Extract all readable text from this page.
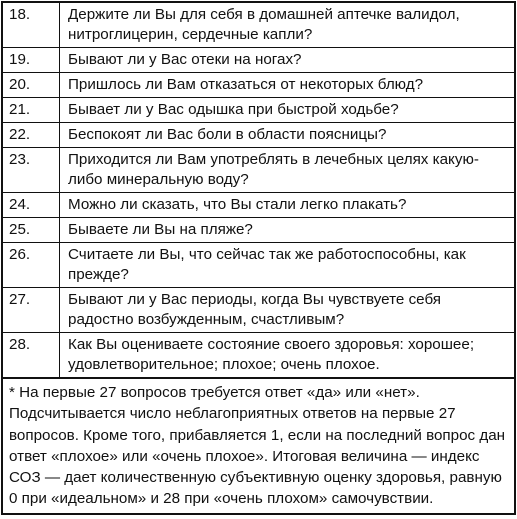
18.	Держите ли Вы для себя в домашней аптечке валидол, нитроглицерин, сердечные капли?
19.	Бывают ли у Вас отеки на ногах?
20.	Пришлось ли Вам отказаться от некоторых блюд?
21.	Бывает ли у Вас одышка при быстрой ходьбе?
22.	Беспокоят ли Вас боли в области поясницы?
23.	Приходится ли Вам употреблять в лечебных целях какую-либо минеральную воду?
24.	Можно ли сказать, что Вы стали легко плакать?
25.	Бываете ли Вы на пляже?
26.	Считаете ли Вы, что сейчас так же работоспособны, как прежде?
27.	Бывают ли у Вас периоды, когда Вы чувствуете себя радостно возбужденным, счастливым?
28.	Как Вы оцениваете состояние своего здоровья: хорошее; удовлетворительное; плохое; очень плохое.
* На первые 27 вопросов требуется ответ «да» или «нет». Подсчитывается число неблагоприятных ответов на первые 27 вопросов. Кроме того, прибавляется 1, если на последний вопрос дан ответ «плохое» или «очень плохое». Итоговая величина — индекс СОЗ — дает количественную субъективную оценку здоровья, равную 0 при «идеальном» и 28 при «очень плохом» самочувствии.
